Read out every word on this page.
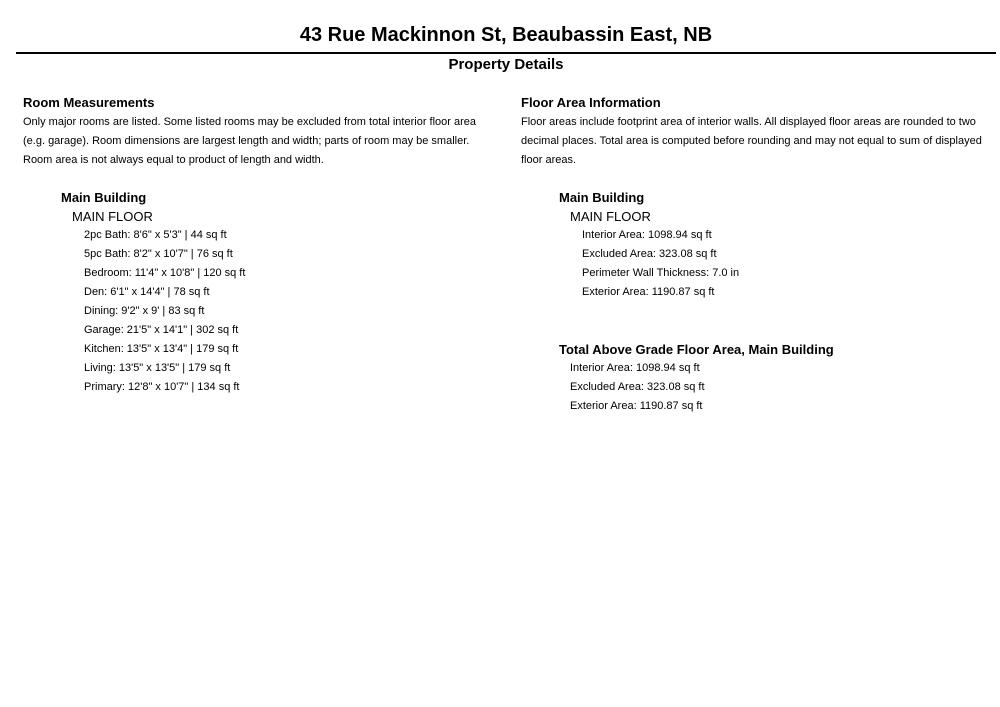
43 Rue Mackinnon St, Beaubassin East, NB
Property Details
Room Measurements
Only major rooms are listed. Some listed rooms may be excluded from total interior floor area
(e.g. garage). Room dimensions are largest length and width; parts of room may be smaller.
Room area is not always equal to product of length and width.
Main Building
MAIN FLOOR
2pc Bath: 8'6" x 5'3" | 44 sq ft
5pc Bath: 8'2" x 10'7" | 76 sq ft
Bedroom: 11'4" x 10'8" | 120 sq ft
Den: 6'1" x 14'4" | 78 sq ft
Dining: 9'2" x 9' | 83 sq ft
Garage: 21'5" x 14'1" | 302 sq ft
Kitchen: 13'5" x 13'4" | 179 sq ft
Living: 13'5" x 13'5" | 179 sq ft
Primary: 12'8" x 10'7" | 134 sq ft
Floor Area Information
Floor areas include footprint area of interior walls. All displayed floor areas are rounded to two
decimal places. Total area is computed before rounding and may not equal to sum of displayed
floor areas.
Main Building
MAIN FLOOR
Interior Area: 1098.94 sq ft
Excluded Area: 323.08 sq ft
Perimeter Wall Thickness: 7.0 in
Exterior Area: 1190.87 sq ft
Total Above Grade Floor Area, Main Building
Interior Area: 1098.94 sq ft
Excluded Area: 323.08 sq ft
Exterior Area: 1190.87 sq ft
